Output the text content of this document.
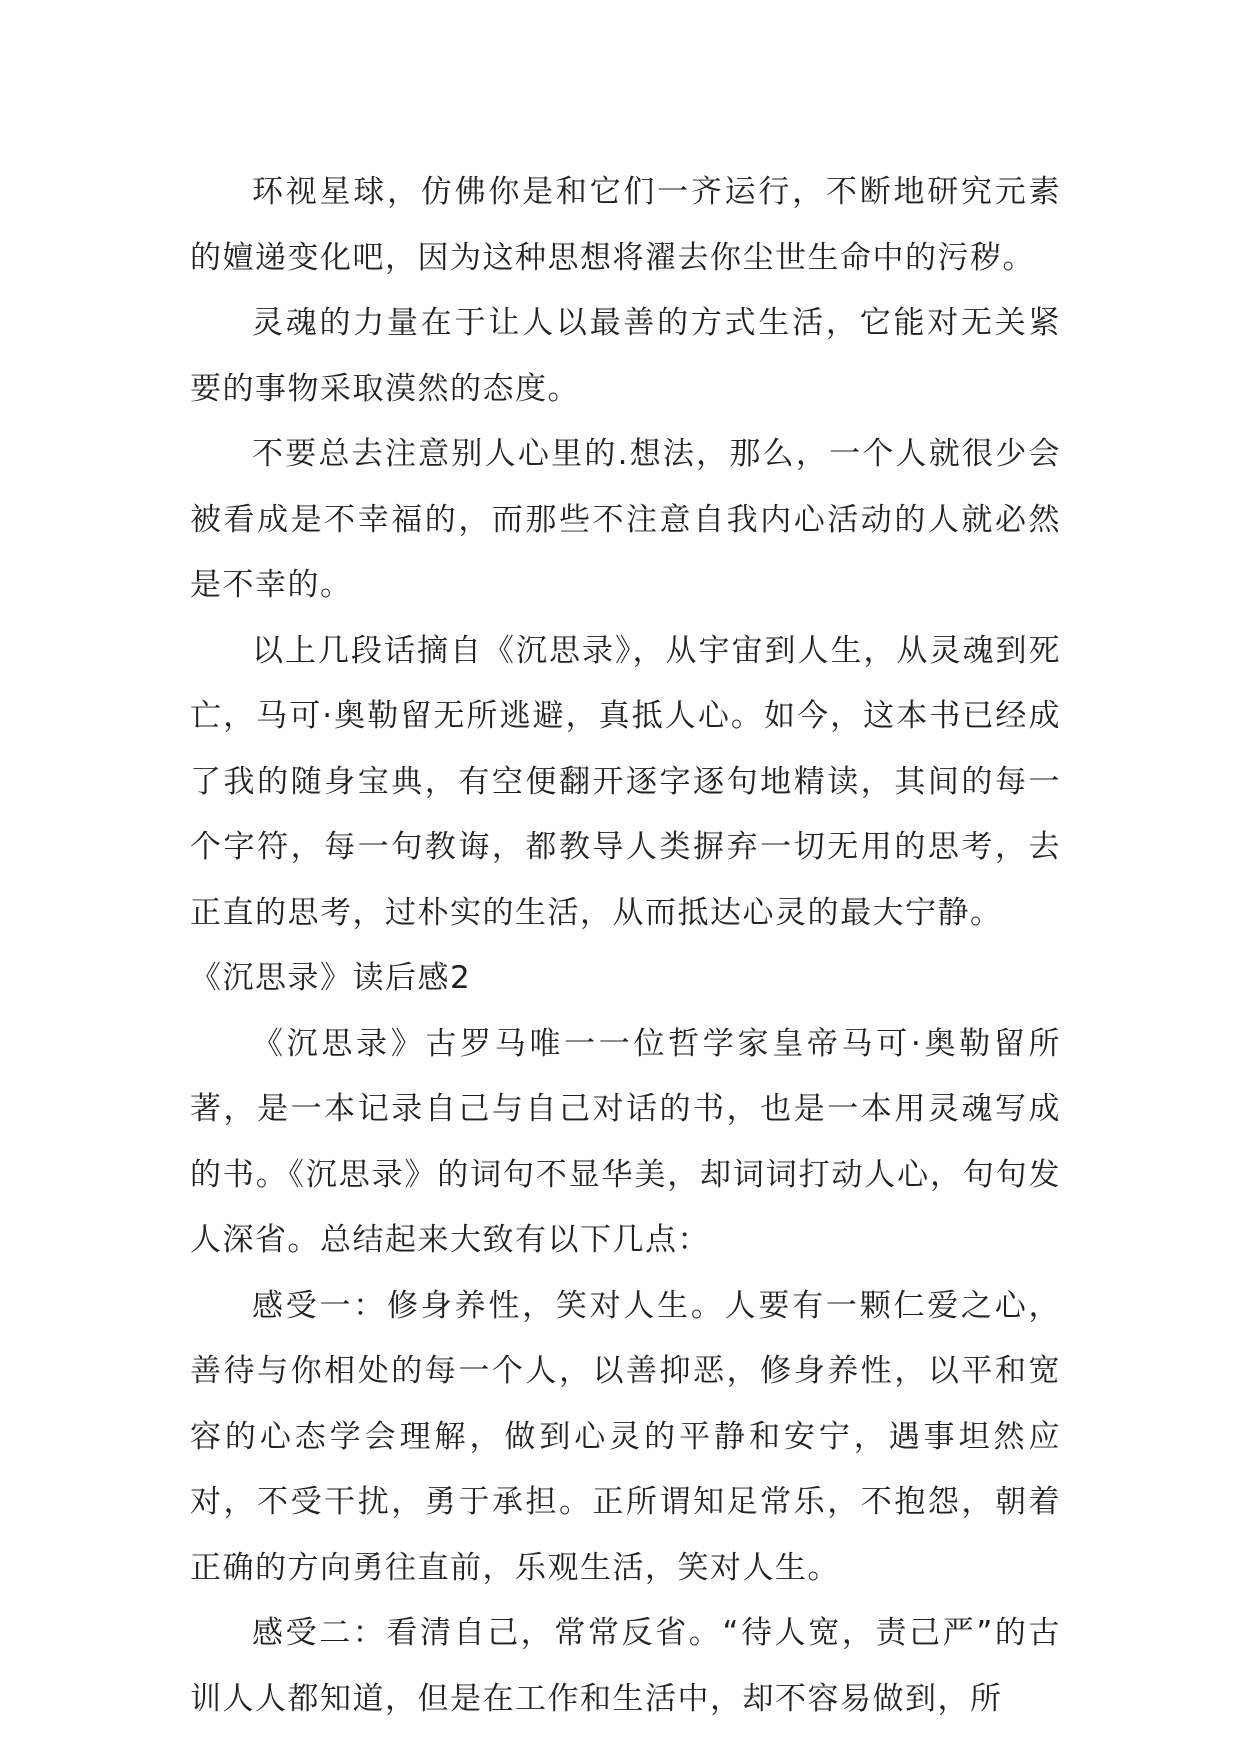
环视星球，仿佛你是和它们一齐运行，不断地研究元素的嬗递变化吧，因为这种思想将濯去你尘世生命中的污秽。

灵魂的力量在于让人以最善的方式生活，它能对无关紧要的事物采取漠然的态度。

不要总去注意别人心里的.想法，那么，一个人就很少会被看成是不幸福的，而那些不注意自我内心活动的人就必然是不幸的。

以上几段话摘自《沉思录》，从宇宙到人生，从灵魂到死亡，马可·奥勒留无所逃避，真抵人心。如今，这本书已经成了我的随身宝典，有空便翻开逐字逐句地精读，其间的每一个字符，每一句教诲，都教导人类摒弃一切无用的思考，去正直的思考，过朴实的生活，从而抵达心灵的最大宁静。

《沉思录》读后感2

《沉思录》古罗马唯一一位哲学家皇帝马可·奥勒留所著，是一本记录自己与自己对话的书，也是一本用灵魂写成的书。《沉思录》的词句不显华美，却词词打动人心，句句发人深省。总结起来大致有以下几点：

感受一：修身养性，笑对人生。人要有一颗仁爱之心，善待与你相处的每一个人，以善抑恶，修身养性，以平和宽容的心态学会理解，做到心灵的平静和安宁，遇事坦然应对，不受干扰，勇于承担。正所谓知足常乐，不抱怨，朝着正确的方向勇往直前，乐观生活，笑对人生。

感受二：看清自己，常常反省。“待人宽，责己严”的古训人人都知道，但是在工作和生活中，却不容易做到，所
